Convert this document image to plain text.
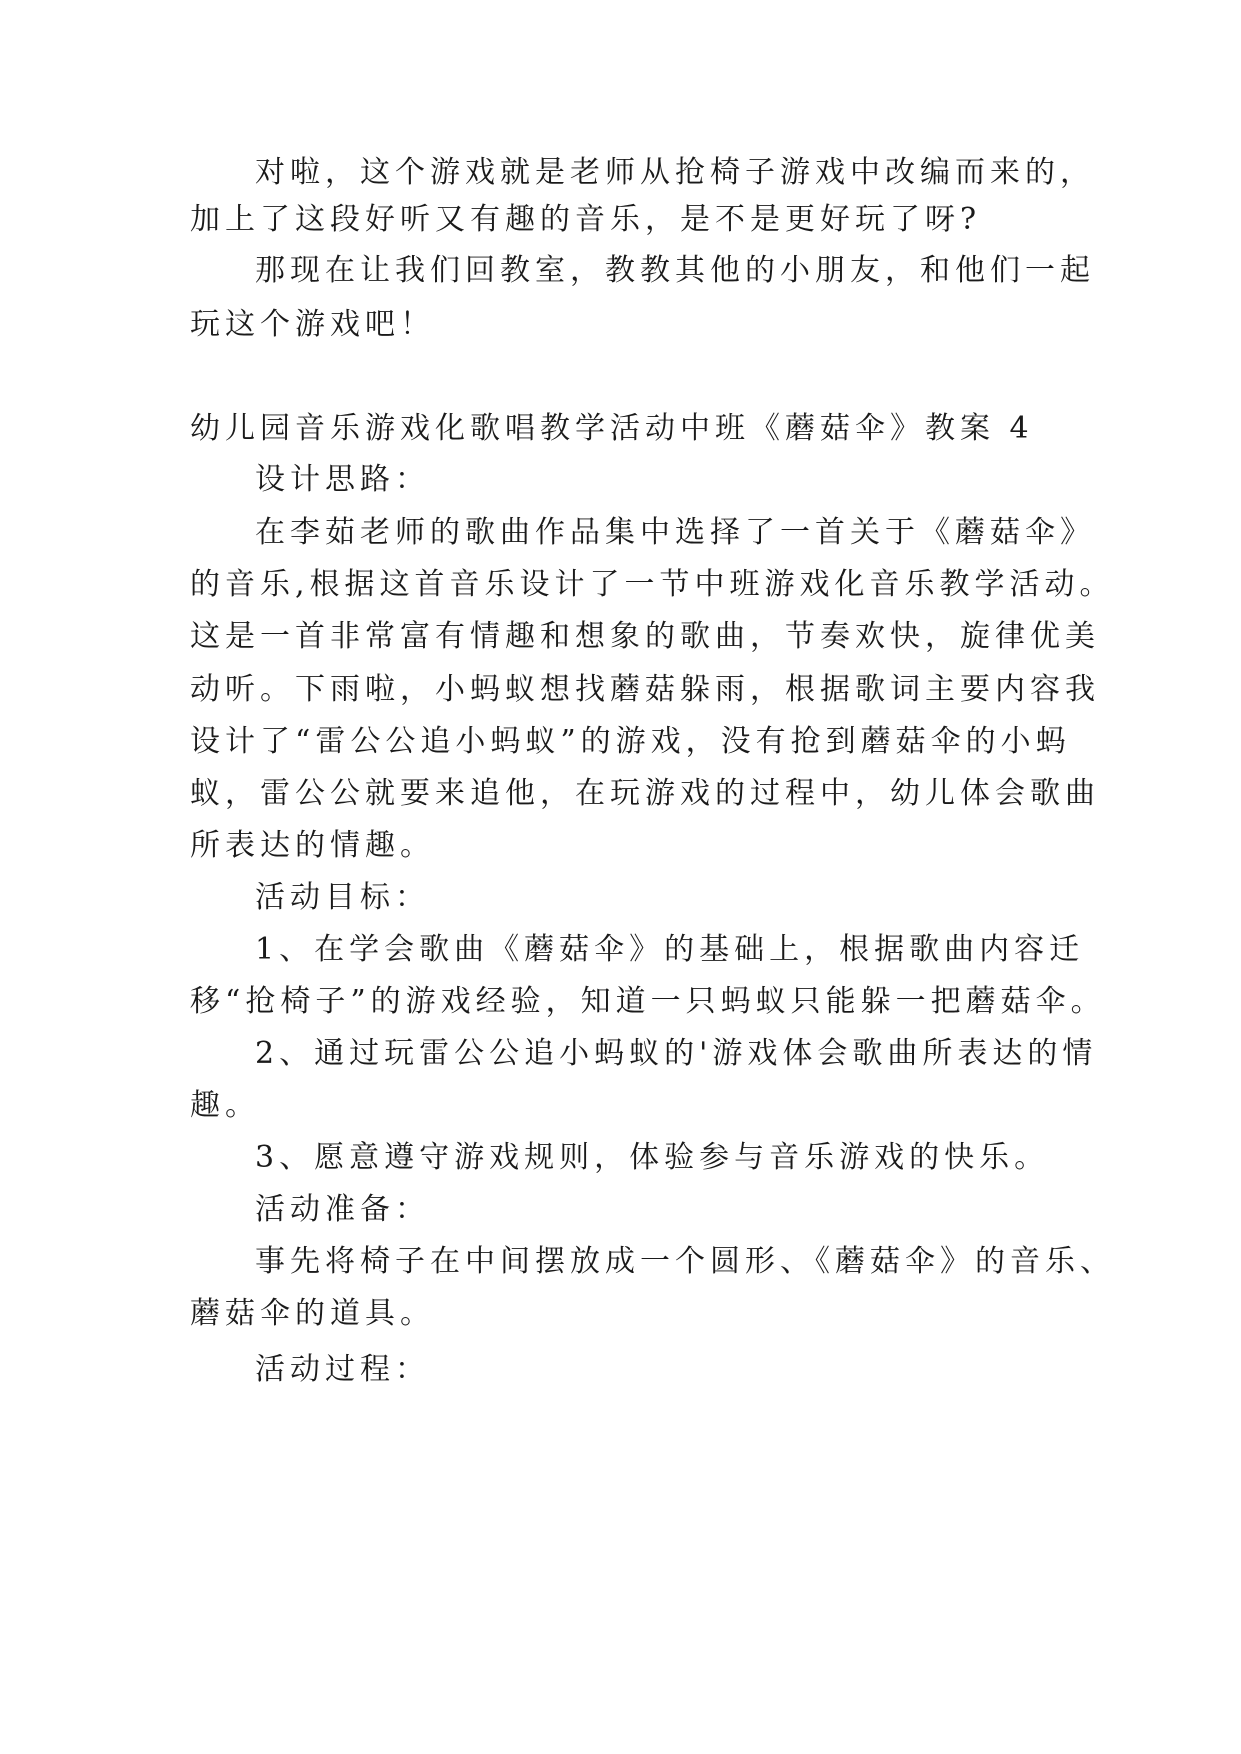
对啦，这个游戏就是老师从抢椅子游戏中改编而来的，
加上了这段好听又有趣的音乐，是不是更好玩了呀?
那现在让我们回教室，教教其他的小朋友，和他们一起
玩这个游戏吧！
幼儿园音乐游戏化歌唱教学活动中班《蘑菇伞》教案 4
设计思路：
在李茹老师的歌曲作品集中选择了一首关于《蘑菇伞》
的音乐,根据这首音乐设计了一节中班游戏化音乐教学活动。
这是一首非常富有情趣和想象的歌曲，节奏欢快，旋律优美
动听。下雨啦，小蚂蚁想找蘑菇躲雨，根据歌词主要内容我
设计了“雷公公追小蚂蚁”的游戏，没有抢到蘑菇伞的小蚂
蚁，雷公公就要来追他，在玩游戏的过程中，幼儿体会歌曲
所表达的情趣。
活动目标：
1、在学会歌曲《蘑菇伞》的基础上，根据歌曲内容迁
移“抢椅子”的游戏经验，知道一只蚂蚁只能躲一把蘑菇伞。
2、通过玩雷公公追小蚂蚁的'游戏体会歌曲所表达的情
趣。
3、愿意遵守游戏规则，体验参与音乐游戏的快乐。
活动准备：
事先将椅子在中间摆放成一个圆形、《蘑菇伞》的音乐、
蘑菇伞的道具。
活动过程：
